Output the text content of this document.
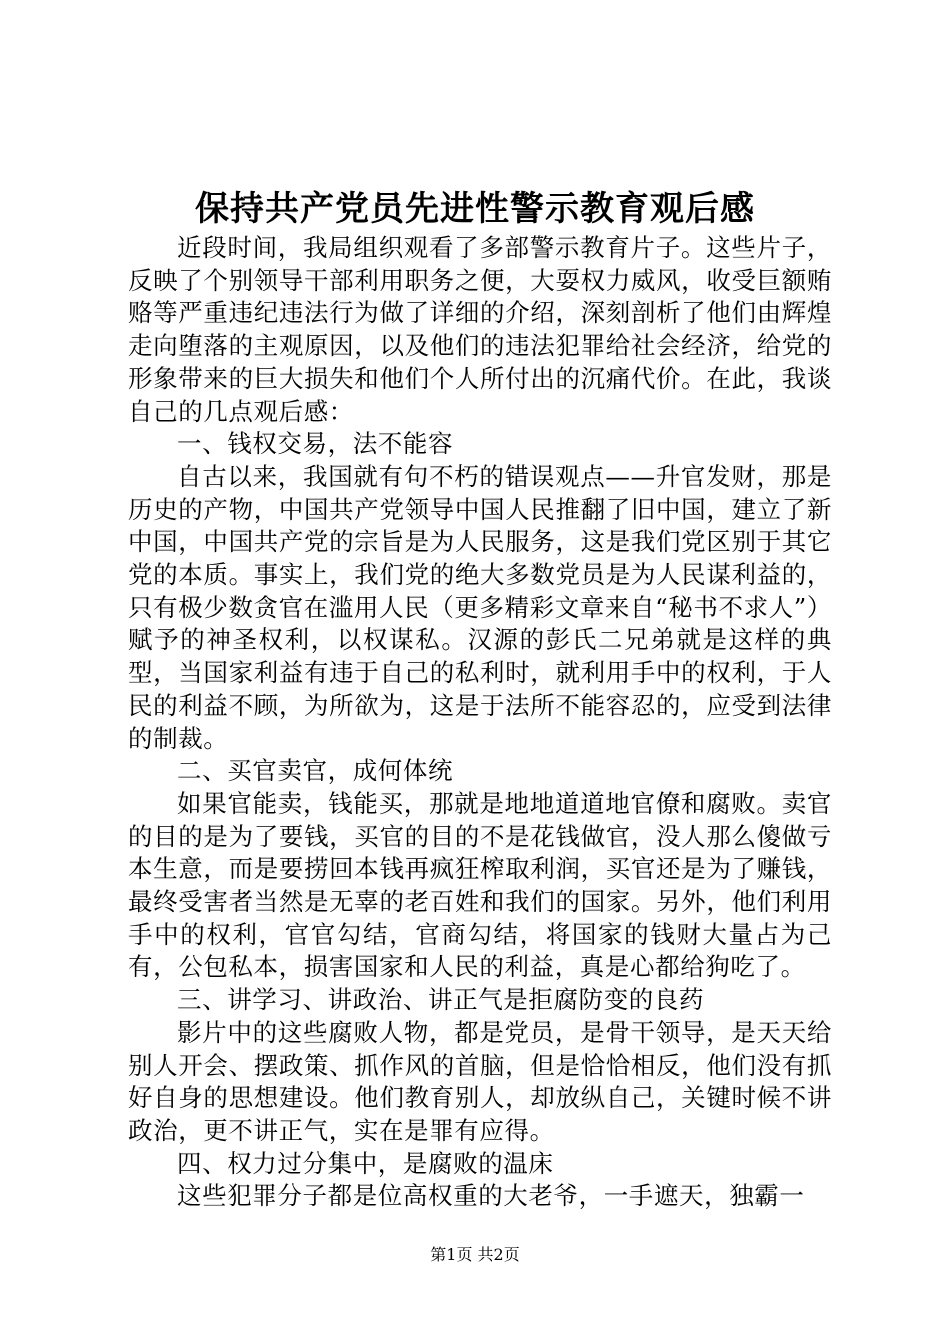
保持共产党员先进性警示教育观后感

近段时间，我局组织观看了多部警示教育片子。这些片子，反映了个别领导干部利用职务之便，大耍权力威风，收受巨额贿赂等严重违纪违法行为做了详细的介绍，深刻剖析了他们由辉煌走向堕落的主观原因，以及他们的违法犯罪给社会经济，给党的形象带来的巨大损失和他们个人所付出的沉痛代价。在此，我谈自己的几点观后感：

一、钱权交易，法不能容

自古以来，我国就有句不朽的错误观点——升官发财，那是历史的产物，中国共产党领导中国人民推翻了旧中国，建立了新中国，中国共产党的宗旨是为人民服务，这是我们党区别于其它党的本质。事实上，我们党的绝大多数党员是为人民谋利益的，只有极少数贪官在滥用人民（更多精彩文章来自“秘书不求人”）赋予的神圣权利，以权谋私。汉源的彭氏二兄弟就是这样的典型，当国家利益有违于自己的私利时，就利用手中的权利，于人民的利益不顾，为所欲为，这是于法所不能容忍的，应受到法律的制裁。

二、买官卖官，成何体统

如果官能卖，钱能买，那就是地地道道地官僚和腐败。卖官的目的是为了要钱，买官的目的不是花钱做官，没人那么傻做亏本生意，而是要捞回本钱再疯狂榨取利润，买官还是为了赚钱，最终受害者当然是无辜的老百姓和我们的国家。另外，他们利用手中的权利，官官勾结，官商勾结，将国家的钱财大量占为己有，公包私本，损害国家和人民的利益，真是心都给狗吃了。

三、讲学习、讲政治、讲正气是拒腐防变的良药

影片中的这些腐败人物，都是党员，是骨干领导，是天天给别人开会、摆政策、抓作风的首脑，但是恰恰相反，他们没有抓好自身的思想建设。他们教育别人，却放纵自己，关键时候不讲政治，更不讲正气，实在是罪有应得。

四、权力过分集中，是腐败的温床

这些犯罪分子都是位高权重的大老爷，一手遮天，独霸一

第1页 共2页
